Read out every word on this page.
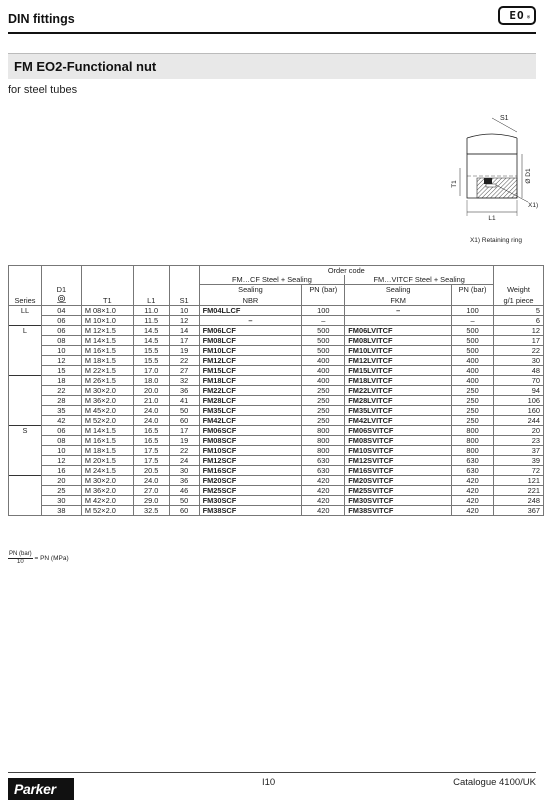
DIN fittings	EO ®
FM EO2-Functional nut
for steel tubes
S1
Ø D1
T1
X1)
L1
X1) Retaining ring
					Order code				
					FM…CF Steel + Sealing		FM…VITCF Steel + Sealing		
	D1				Sealing	PN (bar)	Sealing	PN (bar)	Weight
Series		T1	L1	S1	NBR		FKM		g/1 piece
LL	04	M 08×1.0	11.0	10	FM04LLCF	100	–	100	5
	06	M 10×1.0	11.5	12	–	–		–	6
L	06	M 12×1.5	14.5	14	FM06LCF	500	FM06LVITCF	500	12
	08	M 14×1.5	14.5	17	FM08LCF	500	FM08LVITCF	500	17
	10	M 16×1.5	15.5	19	FM10LCF	500	FM10LVITCF	500	22
	12	M 18×1.5	15.5	22	FM12LCF	400	FM12LVITCF	400	30
	15	M 22×1.5	17.0	27	FM15LCF	400	FM15LVITCF	400	48
	18	M 26×1.5	18.0	32	FM18LCF	400	FM18LVITCF	400	70
	22	M 30×2.0	20.0	36	FM22LCF	250	FM22LVITCF	250	94
	28	M 36×2.0	21.0	41	FM28LCF	250	FM28LVITCF	250	106
	35	M 45×2.0	24.0	50	FM35LCF	250	FM35LVITCF	250	160
	42	M 52×2.0	24.0	60	FM42LCF	250	FM42LVITCF	250	244
S	06	M 14×1.5	16.5	17	FM06SCF	800	FM06SVITCF	800	20
	08	M 16×1.5	16.5	19	FM08SCF	800	FM08SVITCF	800	23
	10	M 18×1.5	17.5	22	FM10SCF	800	FM10SVITCF	800	37
	12	M 20×1.5	17.5	24	FM12SCF	630	FM12SVITCF	630	39
	16	M 24×1.5	20.5	30	FM16SCF	630	FM16SVITCF	630	72
	20	M 30×2.0	24.0	36	FM20SCF	420	FM20SVITCF	420	121
	25	M 36×2.0	27.0	46	FM25SCF	420	FM25SVITCF	420	221
	30	M 42×2.0	29.0	50	FM30SCF	420	FM30SVITCF	420	248
	38	M 52×2.0	32.5	60	FM38SCF	420	FM38SVITCF	420	367
$\frac{\text{PN (bar)}}{10}$ = PN (MPa)
Parker	I10	Catalogue 4100/UK
